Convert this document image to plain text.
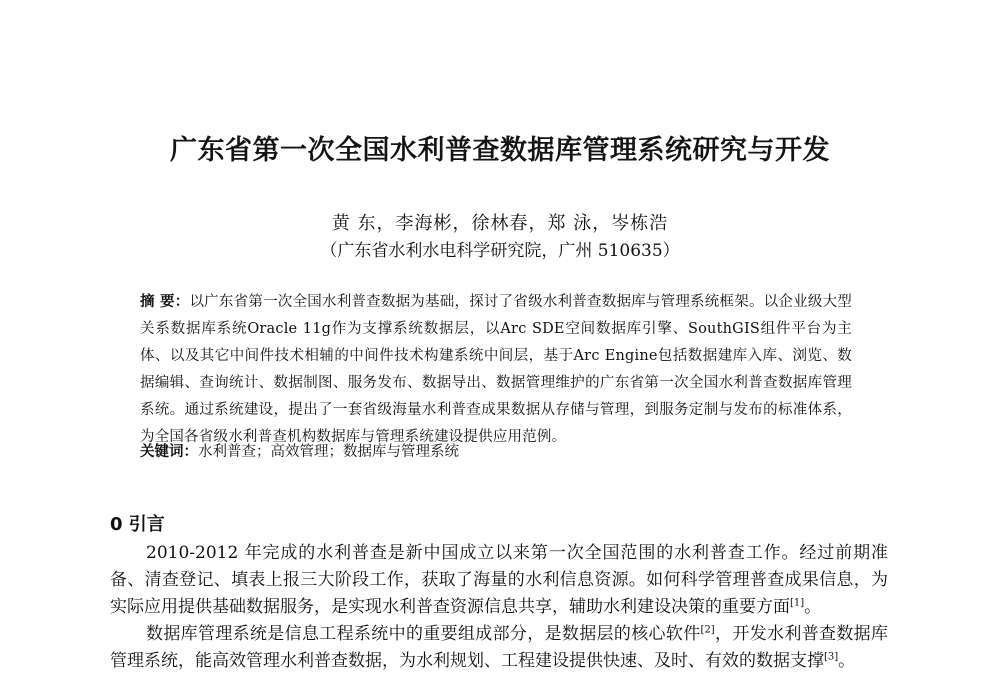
广东省第一次全国水利普查数据库管理系统研究与开发
黄 东，李海彬，徐林春，郑 泳，岑栋浩
（广东省水利水电科学研究院，广州 510635）

摘 要：以广东省第一次全国水利普查数据为基础，探讨了省级水利普查数据库与管理系统框架。以企业级大型关系数据库系统Oracle 11g作为支撑系统数据层，以Arc SDE空间数据库引擎、SouthGIS组件平台为主体、以及其它中间件技术相辅的中间件技术构建系统中间层，基于Arc Engine包括数据建库入库、浏览、数据编辑、查询统计、数据制图、服务发布、数据导出、数据管理维护的广东省第一次全国水利普查数据库管理系统。通过系统建设，提出了一套省级海量水利普查成果数据从存储与管理，到服务定制与发布的标准体系，为全国各省级水利普查机构数据库与管理系统建设提供应用范例。

关键词：水利普查；高效管理；数据库与管理系统

0 引言

2010-2012 年完成的水利普查是新中国成立以来第一次全国范围的水利普查工作。经过前期准备、清查登记、填表上报三大阶段工作，获取了海量的水利信息资源。如何科学管理普查成果信息，为实际应用提供基础数据服务，是实现水利普查资源信息共享，辅助水利建设决策的重要方面[1]。

数据库管理系统是信息工程系统中的重要组成部分，是数据层的核心软件[2]，开发水利普查数据库管理系统，能高效管理水利普查数据，为水利规划、工程建设提供快速、及时、有效的数据支撑[3]。
